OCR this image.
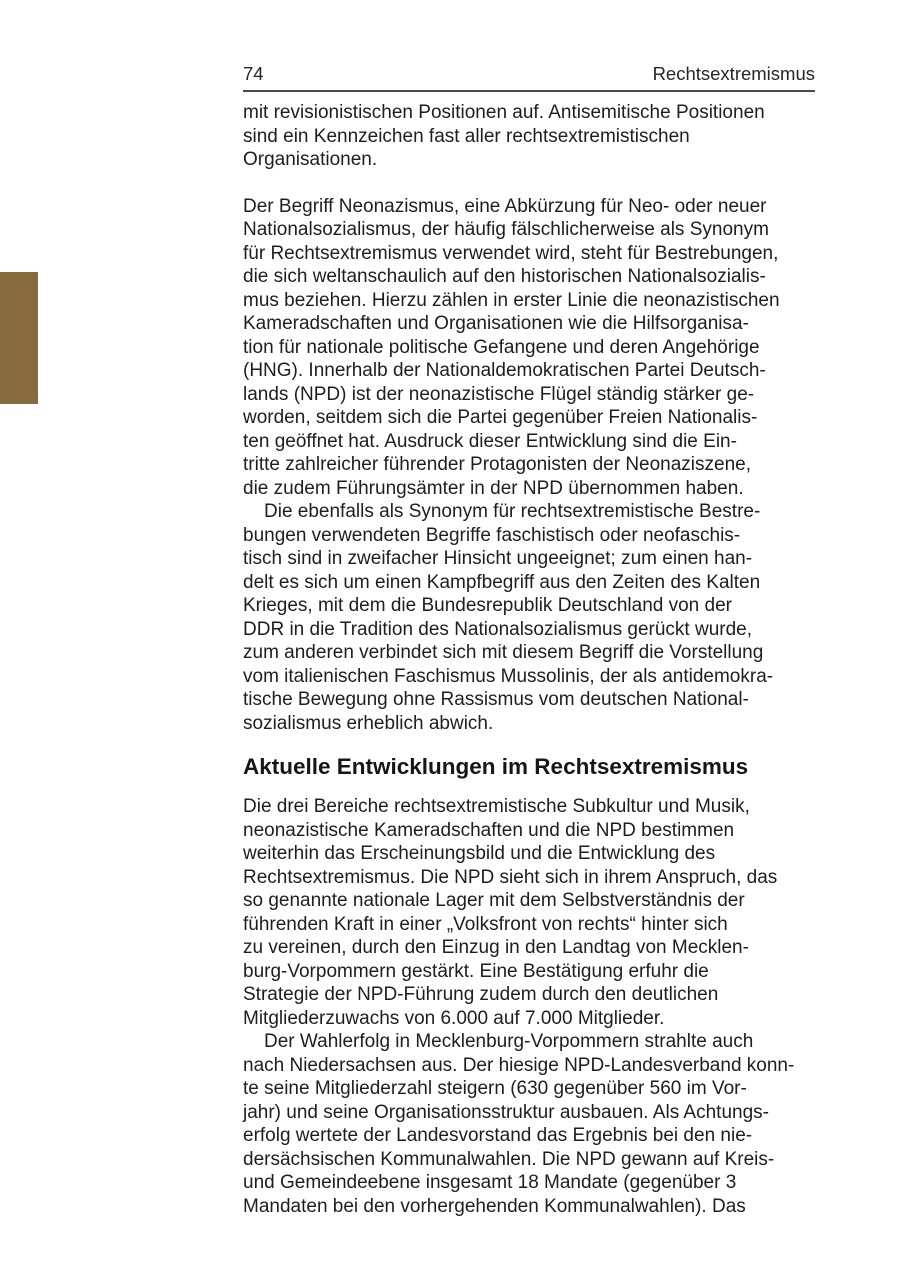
74	Rechtsextremismus
mit revisionistischen Positionen auf. Antisemitische Positionen
sind ein Kennzeichen fast aller rechtsextremistischen
Organisationen.
Der Begriff Neonazismus, eine Abkürzung für Neo- oder neuer
Nationalsozialismus, der häufig fälschlicherweise als Synonym
für Rechtsextremismus verwendet wird, steht für Bestrebungen,
die sich weltanschaulich auf den historischen Nationalsozialis-
mus beziehen. Hierzu zählen in erster Linie die neonazistischen
Kameradschaften und Organisationen wie die Hilfsorganisa-
tion für nationale politische Gefangene und deren Angehörige
(HNG). Innerhalb der Nationaldemokratischen Partei Deutsch-
lands (NPD) ist der neonazistische Flügel ständig stärker ge-
worden, seitdem sich die Partei gegenüber Freien Nationalis-
ten geöffnet hat. Ausdruck dieser Entwicklung sind die Ein-
tritte zahlreicher führender Protagonisten der Neonaziszene,
die zudem Führungsämter in der NPD übernommen haben.
Die ebenfalls als Synonym für rechtsextremistische Bestre-
bungen verwendeten Begriffe faschistisch oder neofaschis-
tisch sind in zweifacher Hinsicht ungeeignet; zum einen han-
delt es sich um einen Kampfbegriff aus den Zeiten des Kalten
Krieges, mit dem die Bundesrepublik Deutschland von der
DDR in die Tradition des Nationalsozialismus gerückt wurde,
zum anderen verbindet sich mit diesem Begriff die Vorstellung
vom italienischen Faschismus Mussolinis, der als antidemokra-
tische Bewegung ohne Rassismus vom deutschen National-
sozialismus erheblich abwich.
Aktuelle Entwicklungen im Rechtsextremismus
Die drei Bereiche rechtsextremistische Subkultur und Musik,
neonazistische Kameradschaften und die NPD bestimmen
weiterhin das Erscheinungsbild und die Entwicklung des
Rechtsextremismus. Die NPD sieht sich in ihrem Anspruch, das
so genannte nationale Lager mit dem Selbstverständnis der
führenden Kraft in einer „Volksfront von rechts“ hinter sich
zu vereinen, durch den Einzug in den Landtag von Mecklen-
burg-Vorpommern gestärkt. Eine Bestätigung erfuhr die
Strategie der NPD-Führung zudem durch den deutlichen
Mitgliederzuwachs von 6.000 auf 7.000 Mitglieder.
Der Wahlerfolg in Mecklenburg-Vorpommern strahlte auch
nach Niedersachsen aus. Der hiesige NPD-Landesverband konn-
te seine Mitgliederzahl steigern (630 gegenüber 560 im Vor-
jahr) und seine Organisationsstruktur ausbauen. Als Achtungs-
erfolg wertete der Landesvorstand das Ergebnis bei den nie-
dersächsischen Kommunalwahlen. Die NPD gewann auf Kreis-
und Gemeindeebene insgesamt 18 Mandate (gegenüber 3
Mandaten bei den vorhergehenden Kommunalwahlen). Das
